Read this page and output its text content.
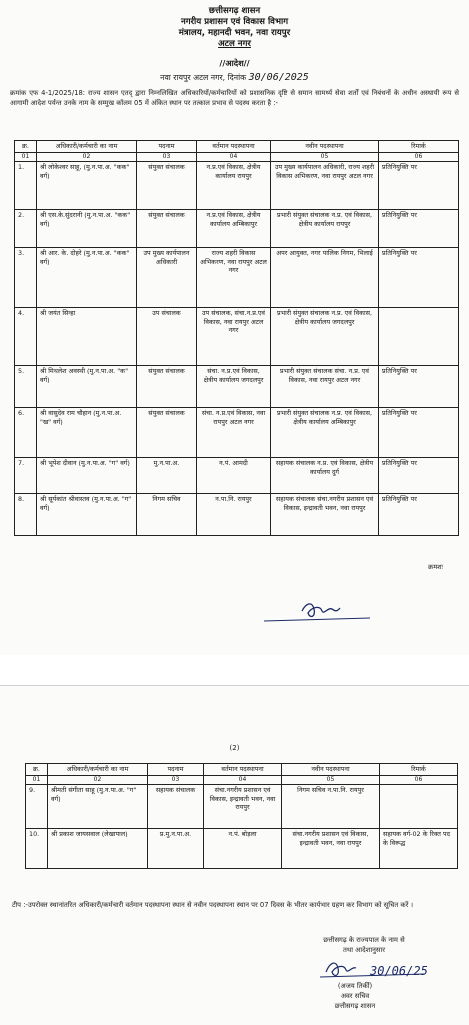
छत्तीसगढ़ शासन
नगरीय प्रशासन एवं विकास विभाग
मंत्रालय, महानदी भवन, नवा रायपुर
अटल नगर
//आदेश//
नवा रायपुर अटल नगर, दिनांक 30/06/2025
क्रमांक एफ 4-1/2025/18: राज्य शासन एतद् द्वारा निम्नलिखित अधिकारियों/कर्मचारियों को प्रशासनिक दृष्टि से समान सामर्थ्य सेवा शर्तों एवं निबंधनों के अधीन अस्थायी रूप से आगामी आदेश पर्यन्त उनके नाम के सम्मुख कॉलम 05 में अंकित स्थान पर तत्काल प्रभाव से पदस्थ करता है :-
क्र.	अधिकारी/कर्मचारी का नाम	पदनाम	वर्तमान पदस्थापना	नवीन पदस्थापना	रिमार्क
01	02	03	04	05	06
1.	श्री लोकेश्वर साहू, (मु.न.पा.अ. "कक" वर्ग)	संयुक्त संचालक	न.प्र.एवं विकास, क्षेत्रीय कार्यालय रायपुर	उप मुख्य कार्यपालन अधिकारी, राज्य शहरी विकास अभिकरण, नवा रायपुर अटल नगर	प्रतिनियुक्ति पर
2.	श्री एस.के.सुंदरानी (मु.न.पा.अ. "कक" वर्ग)	संयुक्त संचालक	न.प्र.एवं विकास, क्षेत्रीय कार्यालय अम्बिकापुर	प्रभारी संयुक्त संचालक न.प्र. एवं विकास, क्षेत्रीय कार्यालय रायपुर	प्रतिनियुक्ति पर
3.	श्री आर. के. दोहरे (मु.न.पा.अ. "कक" वर्ग)	उप मुख्य कार्यपालन अधिकारी	राज्य शहरी विकास अभिकरण, नवा रायपुर अटल नगर	अपर आयुक्त, नगर पालिक निगम, भिलाई	प्रतिनियुक्ति पर
4.	श्री जयंत सिन्हा	उप संचालक	उप संचालक, संचा.न.प्र.एवं विकास, नवा रायपुर अटल नगर	प्रभारी संयुक्त संचालक न.प्र. एवं विकास, क्षेत्रीय कार्यालय जगदलपुर	
5.	श्री मिथलेश अवस्थी (मु.न.पा.अ. "क" वर्ग)	संयुक्त संचालक	संचा. न.प्र.एवं विकास, क्षेत्रीय कार्यालय जगदलपुर	प्रभारी संयुक्त संचालक संचा. न.प्र. एवं विकास, नवा रायपुर अटल नगर	प्रतिनियुक्ति पर
6.	श्री वासुदेव राम चौहान (मु.न.पा.अ. "ख" वर्ग)	संयुक्त संचालक	संचा. न.प्र.एवं विकास, नवा रायपुर अटल नगर	प्रभारी संयुक्त संचालक न.प्र. एवं विकास, क्षेत्रीय कार्यालय अम्बिकापुर	प्रतिनियुक्ति पर
7.	श्री भूपेश दीवान (मु.न.पा.अ. "ग" वर्ग)	मु.न.पा.अ.	न.पं. आमदी	सहायक संचालक न.प्र. एवं विकास, क्षेत्रीय कार्यालय दुर्ग	प्रतिनियुक्ति पर
8.	श्री सूर्यकांत श्रीवास्तव (मु.न.पा.अ. "ग" वर्ग)	निगम सचिव	न.पा.नि. रायपुर	सहायक संचालक संचा.नगरीय प्रशासन एवं विकास, इन्द्रावती भवन, नवा रायपुर	प्रतिनियुक्ति पर
क्रमशः
(2)
क्र.	अधिकारी/कर्मचारी का नाम	पदनाम	वर्तमान पदस्थापना	नवीन पदस्थापना	रिमार्क
01	02	03	04	05	06
9.	श्रीमती संगीता साहू (मु.न.पा.अ. "ग" वर्ग)	सहायक संचालक	संचा.नगरीय प्रशासन एवं विकास, इन्द्रावती भवन, नवा रायपुर	निगम सचिव न.पा.नि. रायपुर	
10.	श्री प्रकाश जायसवाल (लेखापाल)	प्र.मु.न.पा.अ.	न.पं. बोड़ला	संचा.नगरीय प्रशासन एवं विकास, इन्द्रावती भवन, नवा रायपुर	सहायक वर्ग-02 के रिक्त पद के विरूद्ध
टीप :-उपरोक्त स्थानांतरित अधिकारी/कर्मचारी वर्तमान पदस्थापना स्थान से नवीन पदस्थापना स्थान पर 07 दिवस के भीतर कार्यभार ग्रहण कर विभाग को सूचित करें ।
छत्तीसगढ़ के राज्यपाल के नाम से
तथा आदेशानुसार
30/06/25
(अजय तिर्की)
अवर सचिव
छत्तीसगढ़ शासन
